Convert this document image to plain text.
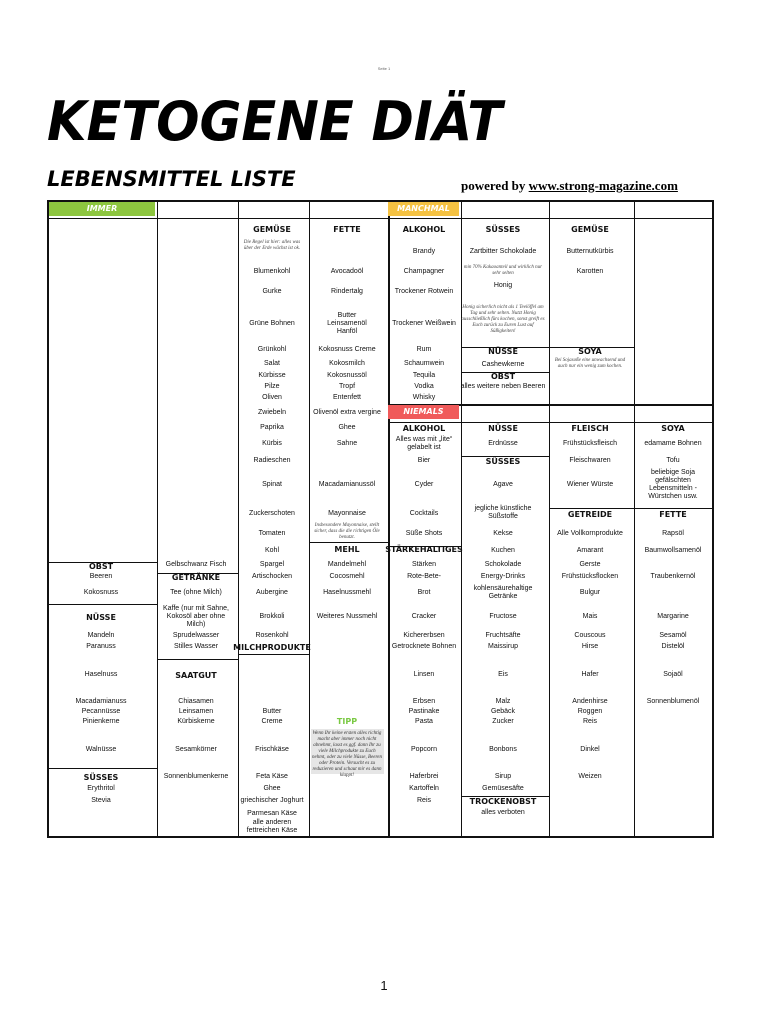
Seite 1
KETOGENE DIÄT
LEBENSMITTEL LISTE	powered by www.strong-magazine.com
IMMER	MANCHMAL
NIEMALS
GEMÜSE
Die Regel ist hier: alles was über der Erde wächst ist ok.
Blumenkohl
Gurke
Grüne Bohnen
Grünkohl
Salat
Kürbisse
Pilze
Oliven
Zwiebeln
Paprika
Kürbis
Radieschen
Spinat
Zuckerschoten
Tomaten
Kohl
Spargel
Artischocken
Aubergine
Brokkoli
Rosenkohl
MILCHPRODUKTE
Butter
Creme
Frischkäse
Feta Käse
Ghee
griechischer Joghurt
Parmesan Käse
alle anderen fettreichen Käse
FETTE
Avocadoöl
Rindertalg
Butter
Leinsamenöl
Hanföl
Kokosnuss Creme
Kokosmilch
Kokosnussöl
Tropf
Entenfett
Olivenöl extra vergine
Ghee
Sahne
Macadamianussöl
Mayonnaise
Insbesondere Mayonnaise, stellt sicher, dass die die richtigen Öle benutzt.
MEHL
Mandelmehl
Cocosmehl
Haselnussmehl
Weiteres Nussmehl
TIPP
Wenn Ihr keine ersten alles richtig macht aber immer noch nicht abnehmt, lasst es ggf. dann Ihr zu viele Milchprodukte zu Euch nehmt, oder zu viele Nüsse, Beeren oder Protein. Versucht es zu reduzieren und schaut mir es dann klappt!
OBST
Beeren
Kokosnuss
NÜSSE
Mandeln
Paranuss
Haselnuss
Macadamianuss
Pecannüsse
Pinienkerne
Walnüsse
SÜSSES
Erythritol
Stevia
Gelbschwanz Fisch
GETRÄNKE
Tee (ohne Milch)
Kaffe (nur mit Sahne, Kokosöl aber ohne Milch)
Sprudelwasser
Stilles Wasser
SAATGUT
Chiasamen
Leinsamen
Kürbiskerne
Sesamkörner
Sonnenblumenkerne
ALKOHOL
Brandy
Champagner
Trockener Rotwein
Trockener Weißwein
Rum
Schaumwein
Tequila
Vodka
Whisky
SÜSSES
Zartbitter Schokolade
min 70% Kakaoanteil und wirklich nur sehr selten
Honig
Honig sicherlich nicht als 1 Teelöffel am Tag und sehr selten. Nutzt Honig ausschließlich fürs kochen, sonst greift es Euch zurück zu Euren Lust auf Süßigkeiten!
NÜSSE
Cashewkerne
OBST
alles weitere neben Beeren
GEMÜSE
Butternutkürbis
Karotten
SOYA
Bei Sojasoße eine unwachsend und auch nur ein wenig zum kochen.
ALKOHOL
Alles was mit „lite“ gelabelt ist
Bier
Cyder
Cocktails
Süße Shots
STÄRKEHALTIGES
Stärken
Rote-Bete-
Brot
Cracker
Kichererbsen
Getrocknete Bohnen
Linsen
Erbsen
Pastinake
Pasta
Popcorn
Haferbrei
Kartoffeln
Reis
NÜSSE
Erdnüsse
SÜSSES
Agave
jegliche künstliche Süßstoffe
Kekse
Kuchen
Schokolade
Energy-Drinks
kohlensäurehaltige Getränke
Fructose
Fruchtsäfte
Maissirup
Eis
Malz
Gebäck
Zucker
Bonbons
Sirup
Gemüsesäfte
TROCKENOBST
alles verboten
FLEISCH
Frühstücksfleisch
Fleischwaren
Wiener Würste
GETREIDE
Alle Vollkornprodukte
Amarant
Gerste
Frühstücksflocken
Bulgur
Mais
Couscous
Hirse
Hafer
Andenhirse
Roggen
Reis
Dinkel
Weizen
SOYA
edamame Bohnen
Tofu
beliebige Soja gefälschten Lebensmitteln - Würstchen usw.
FETTE
Rapsöl
Baumwollsamenöl
Traubenkernöl
Margarine
Sesamöl
Distelöl
Sojaöl
Sonnenblumenöl
1
